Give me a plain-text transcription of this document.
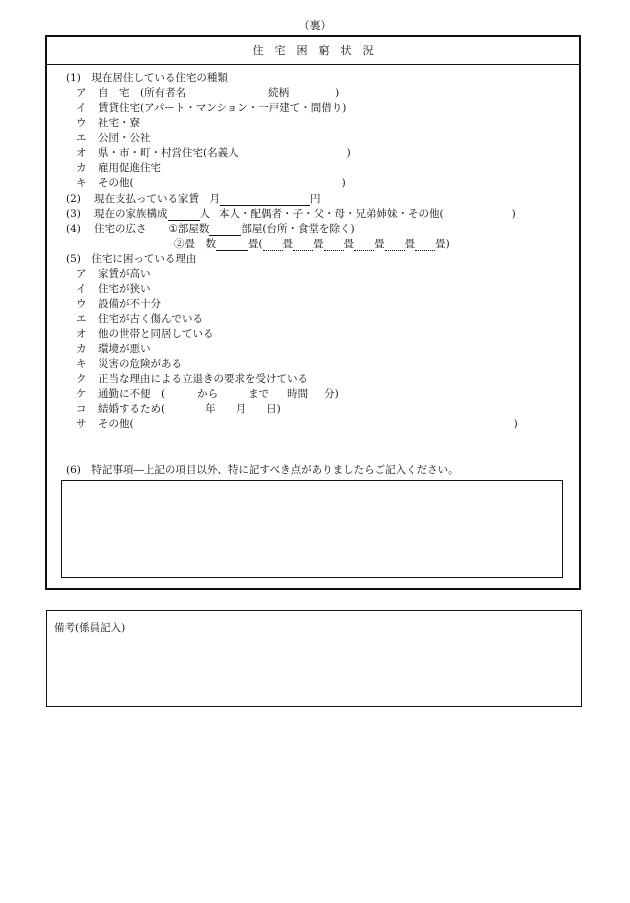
（裏）
住宅困窮状況
(1)　現在居住している住宅の種類
ア 自　宅　(所有者名	続柄	)
イ 賃貸住宅(アパート・マンション・一戸建て・間借り)
ウ 社宅・寮
エ 公団・公社
オ 県・市・町・村営住宅(名義人	)
カ 雇用促進住宅
キ その他(	)
(2) 現在支払っている家賃　月	円
(3) 現在の家族構成	人 本人・配偶者・子・父・母・兄弟姉妹・その他(	)
(4) 住宅の広さ ①部屋数	部屋(台所・食堂を除く)
②畳　数	畳( 畳 畳 畳 畳 畳 畳)
(5)　住宅に困っている理由
ア 家賃が高い
イ 住宅が狭い
ウ 設備が不十分
エ 住宅が古く傷んでいる
オ 他の世帯と同居している
カ 環境が悪い
キ 災害の危険がある
ク 正当な理由による立退きの要求を受けている
ケ 通勤に不便　(	から	まで 時間 分)
コ 結婚するため(	年 月 日)
サ その他(	)
(6)　特記事項―上記の項目以外、特に記すべき点がありましたらご記入ください。
備考(係員記入)
